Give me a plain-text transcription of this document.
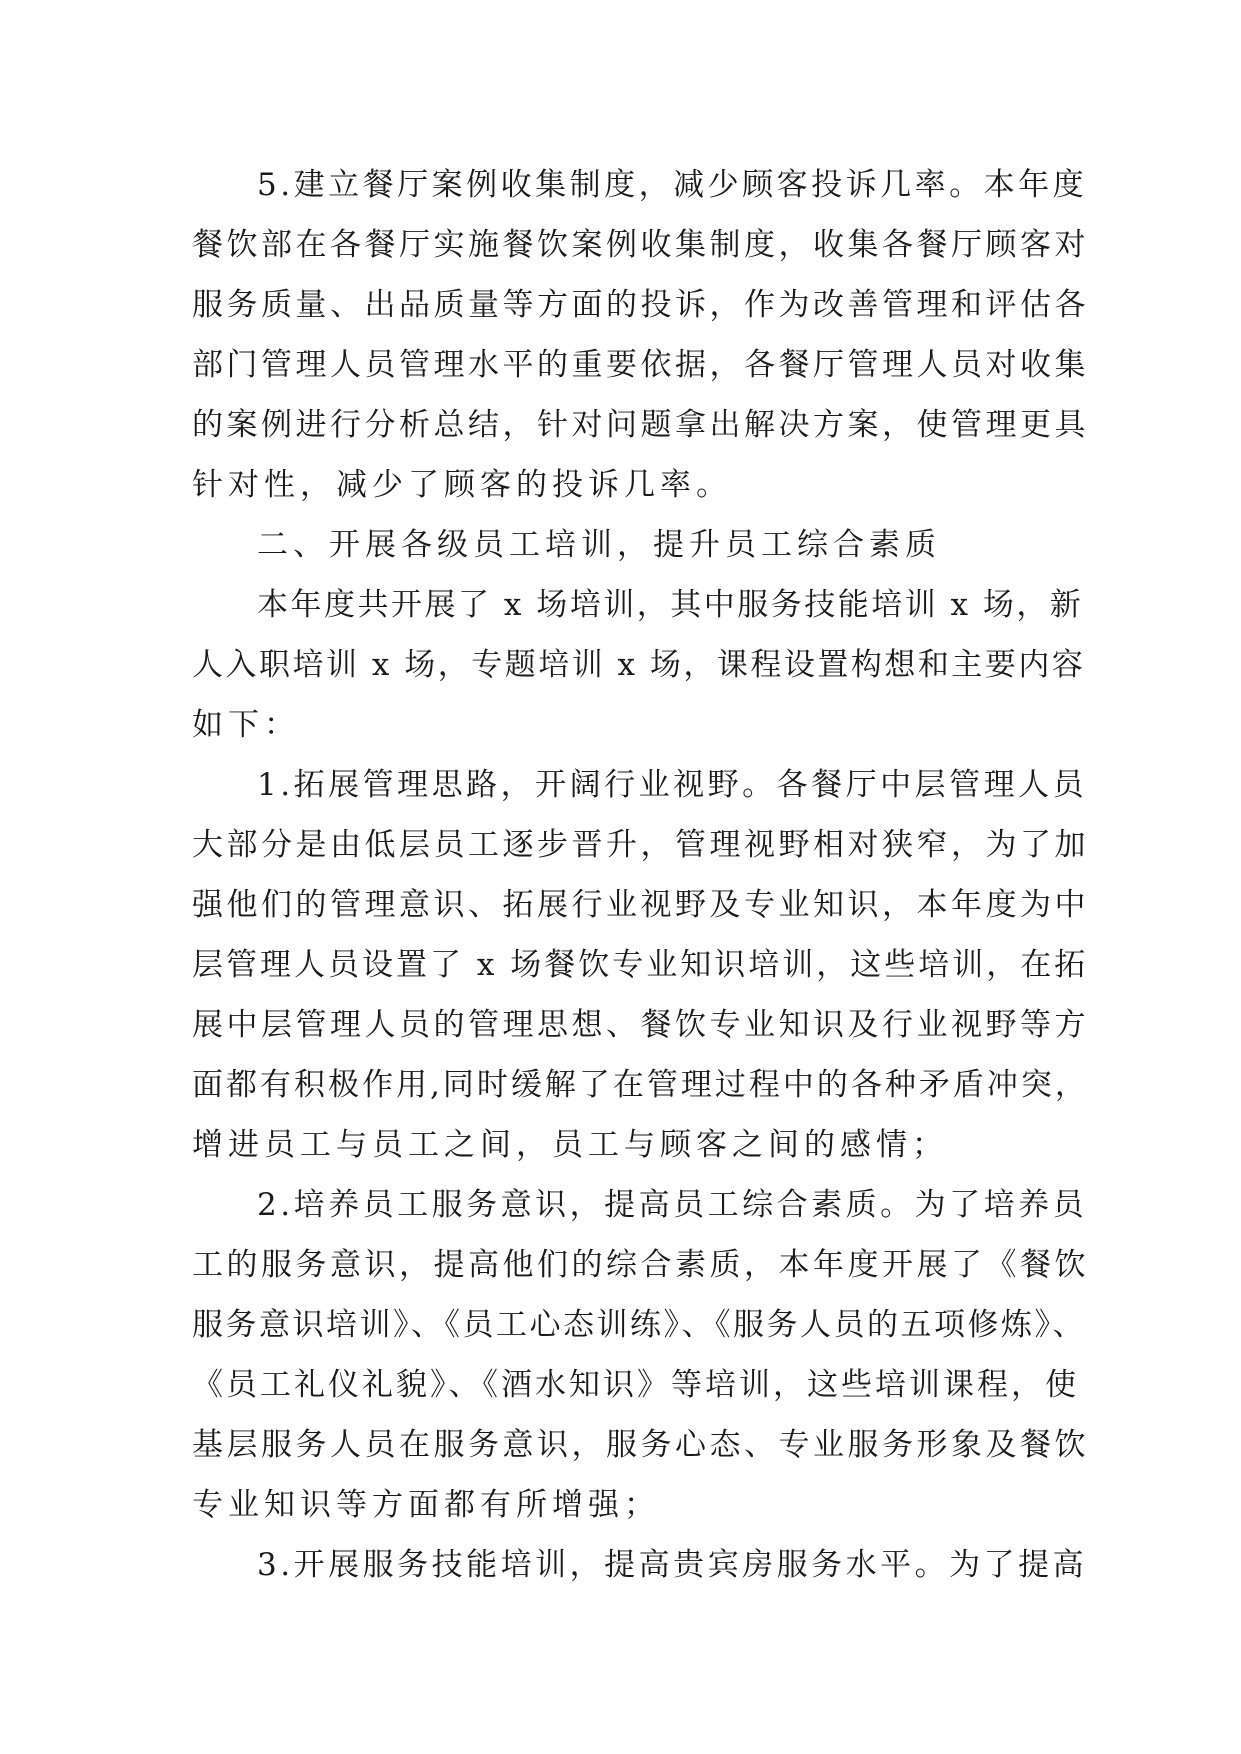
5.建立餐厅案例收集制度，减少顾客投诉几率。本年度
餐饮部在各餐厅实施餐饮案例收集制度，收集各餐厅顾客对
服务质量、出品质量等方面的投诉，作为改善管理和评估各
部门管理人员管理水平的重要依据，各餐厅管理人员对收集
的案例进行分析总结，针对问题拿出解决方案，使管理更具
针对性，减少了顾客的投诉几率。
二、开展各级员工培训，提升员工综合素质
本年度共开展了 x 场培训，其中服务技能培训 x 场，新
人入职培训 x 场，专题培训 x 场，课程设置构想和主要内容
如下：
1.拓展管理思路，开阔行业视野。各餐厅中层管理人员
大部分是由低层员工逐步晋升，管理视野相对狭窄，为了加
强他们的管理意识、拓展行业视野及专业知识，本年度为中
层管理人员设置了 x 场餐饮专业知识培训，这些培训，在拓
展中层管理人员的管理思想、餐饮专业知识及行业视野等方
面都有积极作用,同时缓解了在管理过程中的各种矛盾冲突，
增进员工与员工之间，员工与顾客之间的感情；
2.培养员工服务意识，提高员工综合素质。为了培养员
工的服务意识，提高他们的综合素质，本年度开展了《餐饮
服务意识培训》、《员工心态训练》、《服务人员的五项修炼》、
《员工礼仪礼貌》、《酒水知识》等培训，这些培训课程，使
基层服务人员在服务意识，服务心态、专业服务形象及餐饮
专业知识等方面都有所增强；
3.开展服务技能培训，提高贵宾房服务水平。为了提高
